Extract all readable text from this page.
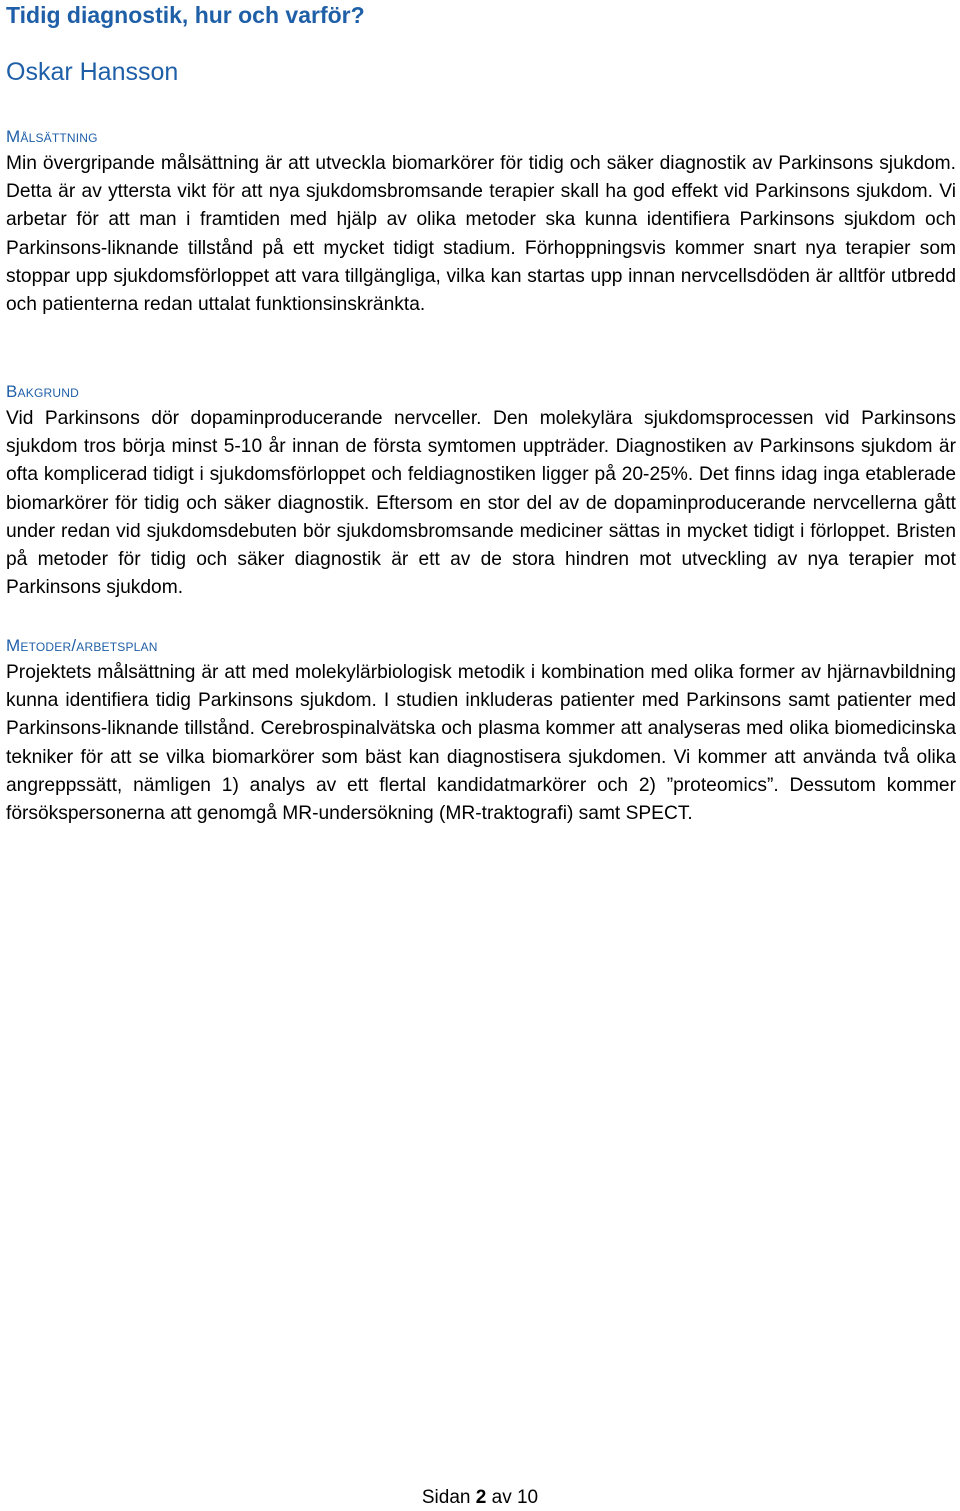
Tidig diagnostik, hur och varför?
Oskar Hansson
Målsättning
Min övergripande målsättning är att utveckla biomarkörer för tidig och säker diagnostik av Parkinsons sjukdom. Detta är av yttersta vikt för att nya sjukdomsbromsande terapier skall ha god effekt vid Parkinsons sjukdom. Vi arbetar för att man i framtiden med hjälp av olika metoder ska kunna identifiera Parkinsons sjukdom och Parkinsons-liknande tillstånd på ett mycket tidigt stadium. Förhoppningsvis kommer snart nya terapier som stoppar upp sjukdomsförloppet att vara tillgängliga, vilka kan startas upp innan nervcellsdöden är alltför utbredd och patienterna redan uttalat funktionsinskränkta.
Bakgrund
Vid Parkinsons dör dopaminproducerande nervceller. Den molekylära sjukdomsprocessen vid Parkinsons sjukdom tros börja minst 5-10 år innan de första symtomen uppträder. Diagnostiken av Parkinsons sjukdom är ofta komplicerad tidigt i sjukdomsförloppet och feldiagnostiken ligger på 20-25%. Det finns idag inga etablerade biomarkörer för tidig och säker diagnostik. Eftersom en stor del av de dopaminproducerande nervcellerna gått under redan vid sjukdomsdebuten bör sjukdomsbromsande mediciner sättas in mycket tidigt i förloppet. Bristen på metoder för tidig och säker diagnostik är ett av de stora hindren mot utveckling av nya terapier mot Parkinsons sjukdom.
Metoder/arbetsplan
Projektets målsättning är att med molekylärbiologisk metodik i kombination med olika former av hjärnavbildning kunna identifiera tidig Parkinsons sjukdom. I studien inkluderas patienter med Parkinsons samt patienter med Parkinsons-liknande tillstånd. Cerebrospinalvätska och plasma kommer att analyseras med olika biomedicinska tekniker för att se vilka biomarkörer som bäst kan diagnostisera sjukdomen. Vi kommer att använda två olika angreppssätt, nämligen 1) analys av ett flertal kandidatmarkörer och 2) ”proteomics”. Dessutom kommer försökspersonerna att genomgå MR-undersökning (MR-traktografi) samt SPECT.
Sidan 2 av 10
